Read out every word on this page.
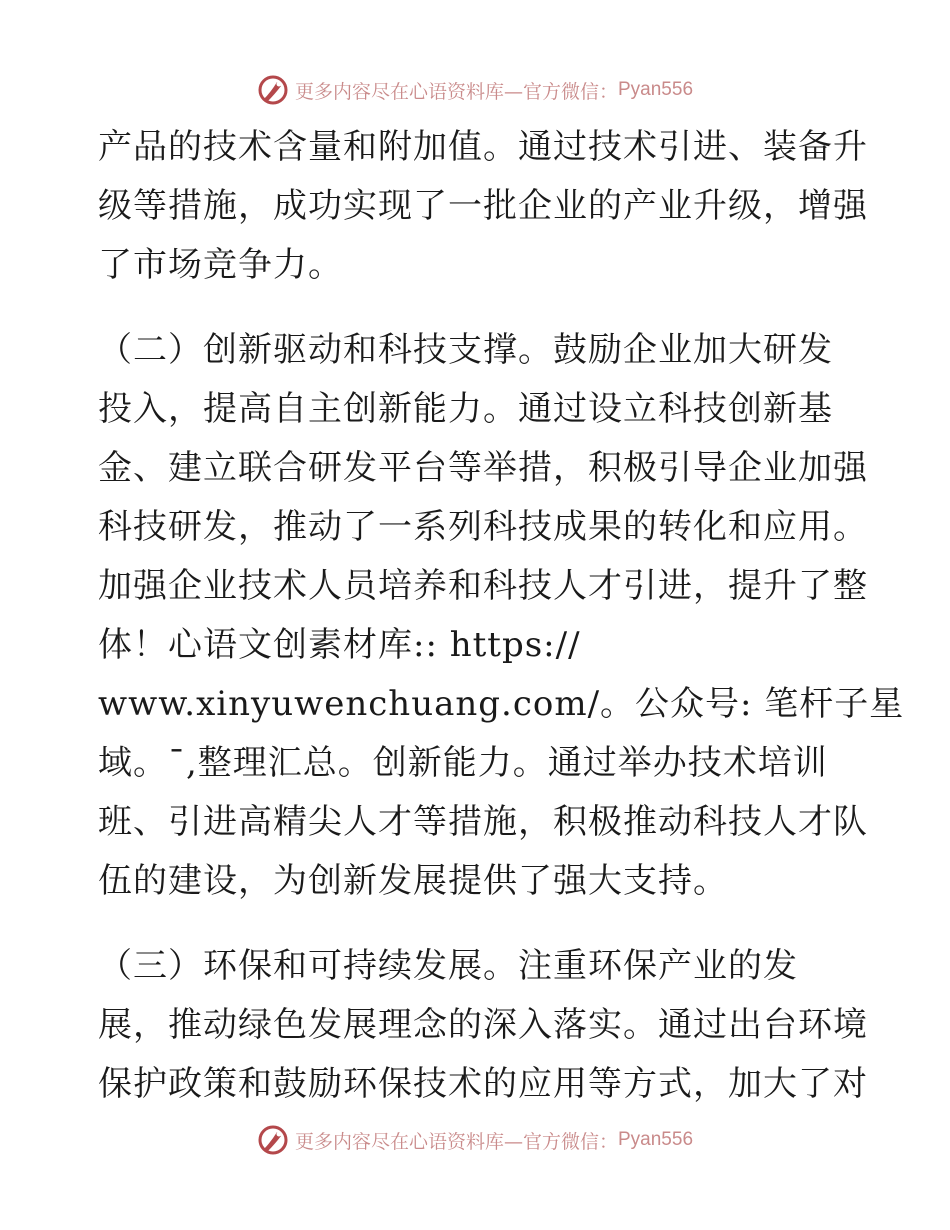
更多内容尽在心语资料库—官方微信： Pyan556

产品的技术含量和附加值。通过技术引进、装备升
级等措施，成功实现了一批企业的产业升级，增强
了市场竞争力。

（二）创新驱动和科技支撑。鼓励企业加大研发
投入，提高自主创新能力。通过设立科技创新基
金、建立联合研发平台等举措，积极引导企业加强
科技研发，推动了一系列科技成果的转化和应用。
加强企业技术人员培养和科技人才引进，提升了整
体！心语文创素材库:: https://
www.xinyuwenchuang.com/。公众号: 笔杆子星
域。¯,整理汇总。创新能力。通过举办技术培训
班、引进高精尖人才等措施，积极推动科技人才队
伍的建设，为创新发展提供了强大支持。

（三）环保和可持续发展。注重环保产业的发
展，推动绿色发展理念的深入落实。通过出台环境
保护政策和鼓励环保技术的应用等方式，加大了对

更多内容尽在心语资料库—官方微信： Pyan556
